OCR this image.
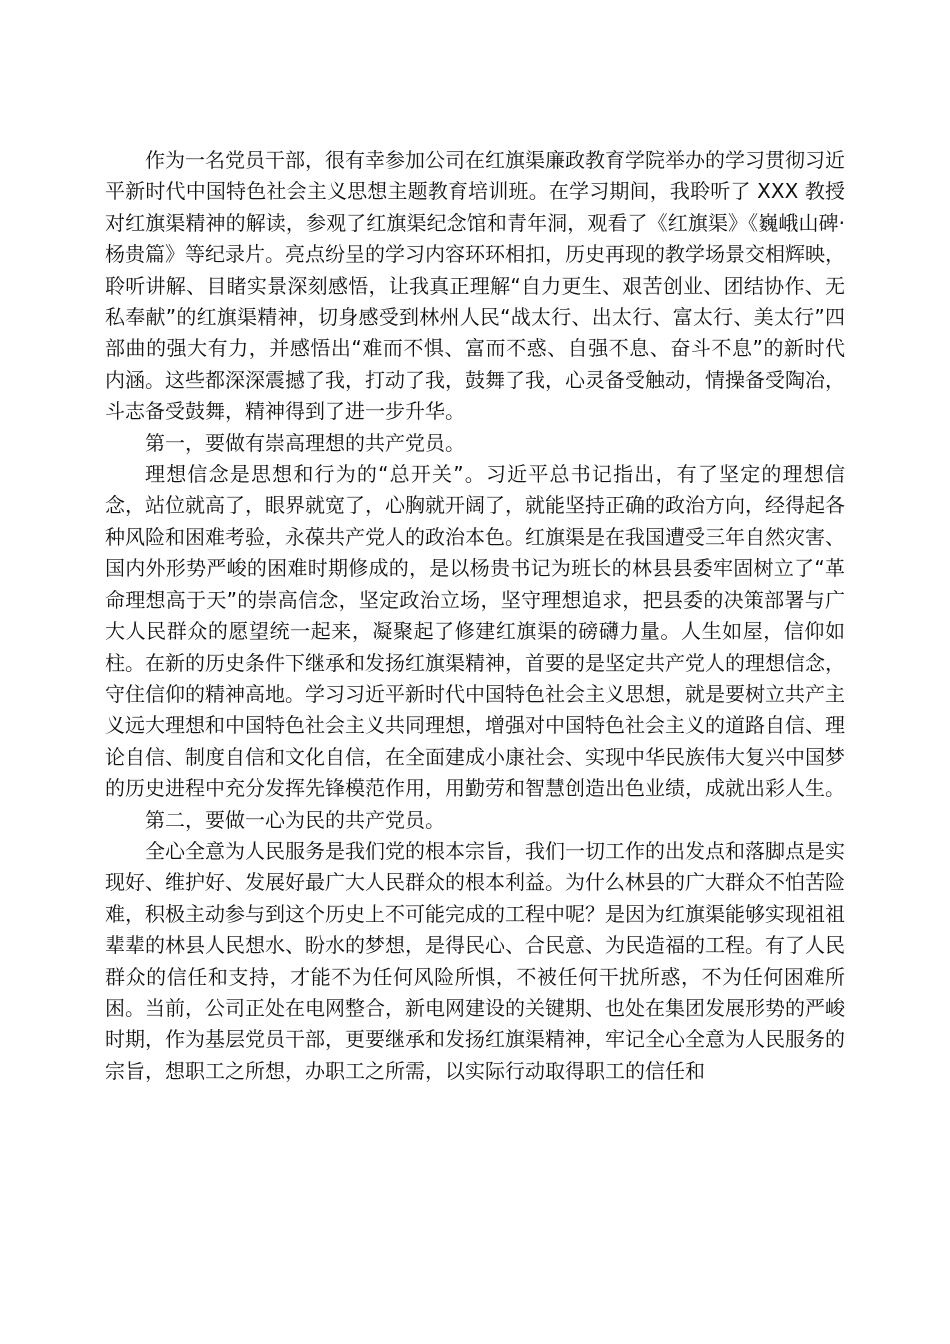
作为一名党员干部，很有幸参加公司在红旗渠廉政教育学院举办的学习贯彻习近平新时代中国特色社会主义思想主题教育培训班。在学习期间，我聆听了 XXX 教授对红旗渠精神的解读，参观了红旗渠纪念馆和青年洞，观看了《红旗渠》《巍峨山碑·杨贵篇》等纪录片。亮点纷呈的学习内容环环相扣，历史再现的教学场景交相辉映，聆听讲解、目睹实景深刻感悟，让我真正理解“自力更生、艰苦创业、团结协作、无私奉献”的红旗渠精神，切身感受到林州人民“战太行、出太行、富太行、美太行”四部曲的强大有力，并感悟出“难而不惧、富而不惑、自强不息、奋斗不息”的新时代内涵。这些都深深震撼了我，打动了我，鼓舞了我，心灵备受触动，情操备受陶冶，斗志备受鼓舞，精神得到了进一步升华。

第一，要做有崇高理想的共产党员。

理想信念是思想和行为的“总开关”。习近平总书记指出，有了坚定的理想信念，站位就高了，眼界就宽了，心胸就开阔了，就能坚持正确的政治方向，经得起各种风险和困难考验，永葆共产党人的政治本色。红旗渠是在我国遭受三年自然灾害、国内外形势严峻的困难时期修成的，是以杨贵书记为班长的林县县委牢固树立了“革命理想高于天”的崇高信念，坚定政治立场，坚守理想追求，把县委的决策部署与广大人民群众的愿望统一起来，凝聚起了修建红旗渠的磅礴力量。人生如屋，信仰如柱。在新的历史条件下继承和发扬红旗渠精神，首要的是坚定共产党人的理想信念，守住信仰的精神高地。学习习近平新时代中国特色社会主义思想，就是要树立共产主义远大理想和中国特色社会主义共同理想，增强对中国特色社会主义的道路自信、理论自信、制度自信和文化自信，在全面建成小康社会、实现中华民族伟大复兴中国梦的历史进程中充分发挥先锋模范作用，用勤劳和智慧创造出色业绩，成就出彩人生。

第二，要做一心为民的共产党员。

全心全意为人民服务是我们党的根本宗旨，我们一切工作的出发点和落脚点是实现好、维护好、发展好最广大人民群众的根本利益。为什么林县的广大群众不怕苦险难，积极主动参与到这个历史上不可能完成的工程中呢？是因为红旗渠能够实现祖祖辈辈的林县人民想水、盼水的梦想，是得民心、合民意、为民造福的工程。有了人民群众的信任和支持，才能不为任何风险所惧，不被任何干扰所惑，不为任何困难所困。当前，公司正处在电网整合，新电网建设的关键期、也处在集团发展形势的严峻时期，作为基层党员干部，更要继承和发扬红旗渠精神，牢记全心全意为人民服务的宗旨，想职工之所想，办职工之所需，以实际行动取得职工的信任和
